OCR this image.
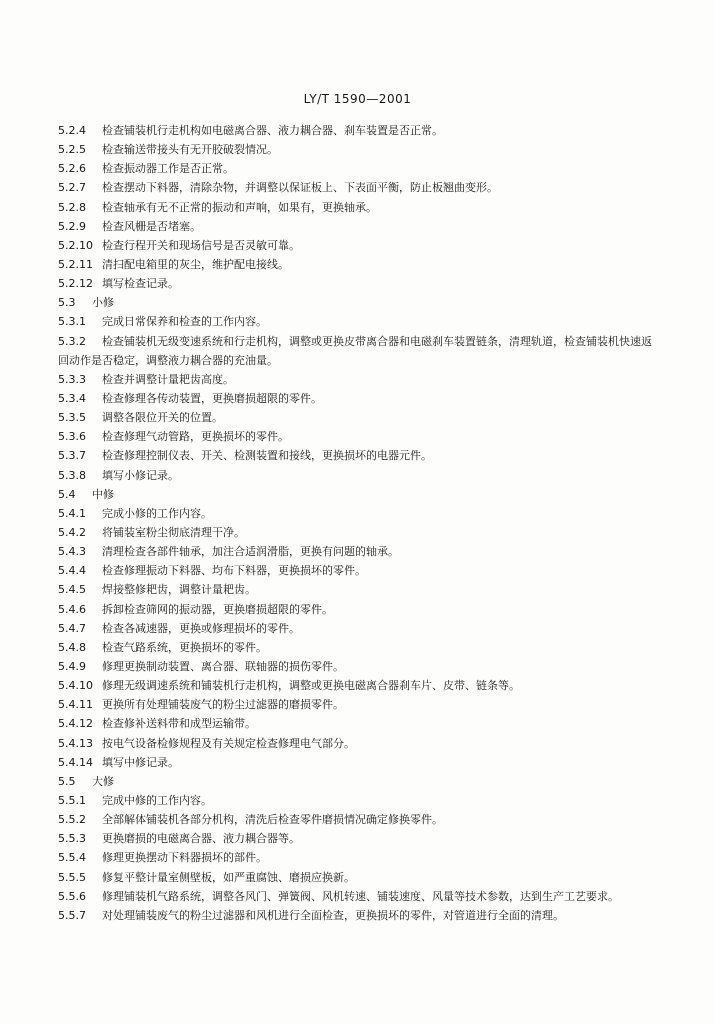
LY/T 1590—2001
5.2.4 检查铺装机行走机构如电磁离合器、液力耦合器、刹车装置是否正常。
5.2.5 检查输送带接头有无开胶破裂情况。
5.2.6 检查振动器工作是否正常。
5.2.7 检查摆动下料器，清除杂物，并调整以保证板上、下表面平衡，防止板翘曲变形。
5.2.8 检查轴承有无不正常的振动和声响，如果有，更换轴承。
5.2.9 检查风栅是否堵塞。
5.2.10 检查行程开关和现场信号是否灵敏可靠。
5.2.11 清扫配电箱里的灰尘，维护配电接线。
5.2.12 填写检查记录。
5.3 小修
5.3.1 完成日常保养和检查的工作内容。
5.3.2 检查铺装机无级变速系统和行走机构，调整或更换皮带离合器和电磁刹车装置链条，清理轨道，检查铺装机快速返回动作是否稳定，调整液力耦合器的充油量。
5.3.3 检查并调整计量耙齿高度。
5.3.4 检查修理各传动装置，更换磨损超限的零件。
5.3.5 调整各限位开关的位置。
5.3.6 检查修理气动管路，更换损坏的零件。
5.3.7 检查修理控制仪表、开关、检测装置和接线，更换损坏的电器元件。
5.3.8 填写小修记录。
5.4 中修
5.4.1 完成小修的工作内容。
5.4.2 将铺装室粉尘彻底清理干净。
5.4.3 清理检查各部件轴承，加注合适润滑脂，更换有问题的轴承。
5.4.4 检查修理振动下料器、均布下料器，更换损坏的零件。
5.4.5 焊接整修耙齿，调整计量耙齿。
5.4.6 拆卸检查筛网的振动器，更换磨损超限的零件。
5.4.7 检查各减速器，更换或修理损坏的零件。
5.4.8 检查气路系统，更换损坏的零件。
5.4.9 修理更换制动装置、离合器、联轴器的损伤零件。
5.4.10 修理无级调速系统和铺装机行走机构，调整或更换电磁离合器刹车片、皮带、链条等。
5.4.11 更换所有处理铺装废气的粉尘过滤器的磨损零件。
5.4.12 检查修补送料带和成型运输带。
5.4.13 按电气设备检修规程及有关规定检查修理电气部分。
5.4.14 填写中修记录。
5.5 大修
5.5.1 完成中修的工作内容。
5.5.2 全部解体铺装机各部分机构，清洗后检查零件磨损情况确定修换零件。
5.5.3 更换磨损的电磁离合器、液力耦合器等。
5.5.4 修理更换摆动下料器损坏的部件。
5.5.5 修复平整计量室侧壁板，如严重腐蚀、磨损应换新。
5.5.6 修理铺装机气路系统，调整各风门、弹簧阀、风机转速、铺装速度、风量等技术参数，达到生产工艺要求。
5.5.7 对处理铺装废气的粉尘过滤器和风机进行全面检查，更换损坏的零件，对管道进行全面的清理。
